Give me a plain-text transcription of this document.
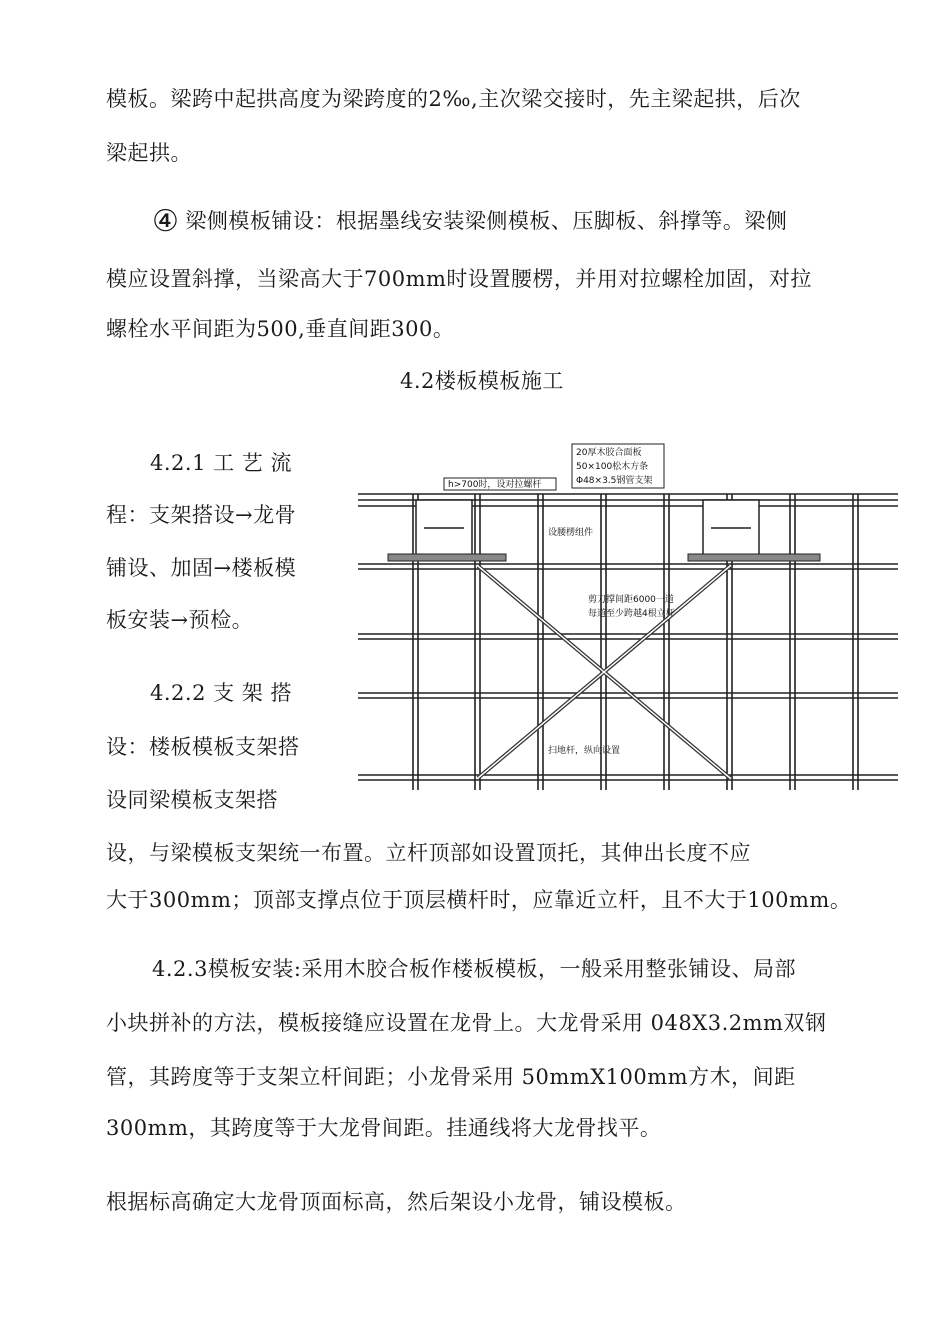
模板。梁跨中起拱高度为梁跨度的2‰,主次梁交接时，先主梁起拱，后次
梁起拱。
④ 梁侧模板铺设：根据墨线安装梁侧模板、压脚板、斜撑等。梁侧
模应设置斜撑，当梁高大于700mm时设置腰楞，并用对拉螺栓加固，对拉
螺栓水平间距为500,垂直间距300。
4.2楼板模板施工
4.2.1 工 艺 流
程：支架搭设→龙骨
铺设、加固→楼板模
板安装→预检。
4.2.2 支 架 搭
设：楼板模板支架搭
设同梁模板支架搭
20厚木胶合面板
50×100松木方条
Φ48×3.5钢管支架
h>700时，设对拉螺杆
设腰楞组件
剪刀撑间距6000一道
每道至少跨越4根立杆
扫地杆，纵向设置
设，与梁模板支架统一布置。立杆顶部如设置顶托，其伸出长度不应
大于300mm；顶部支撑点位于顶层横杆时，应靠近立杆，且不大于100mm。
4.2.3模板安装:采用木胶合板作楼板模板，一般采用整张铺设、局部
小块拼补的方法，模板接缝应设置在龙骨上。大龙骨采用 048X3.2mm双钢
管，其跨度等于支架立杆间距；小龙骨采用 50mmX100mm方木，间距
300mm，其跨度等于大龙骨间距。挂通线将大龙骨找平。
根据标高确定大龙骨顶面标高，然后架设小龙骨，铺设模板。
